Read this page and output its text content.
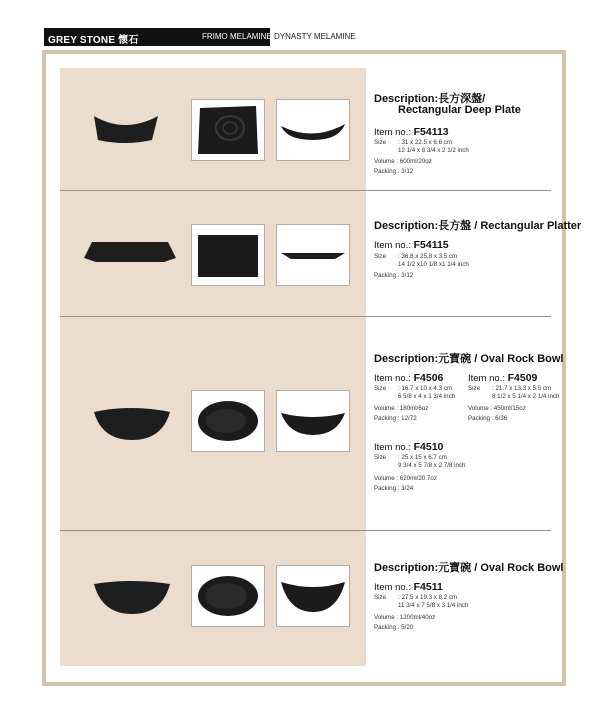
GREY STONE 懷石	FRIMO MELAMINE DYNASTY MELAMINE
Description:長方深盤/
Rectangular Deep Plate
Item no.: F54113
Size : 31 x 22.5 x 6.6 cm
12 1/4 x 8 3/4 x 2 1/2 inch
Volume : 600ml/20oz
Packing : 3/12
Description:長方盤 / Rectangular Platter
Item no.: F54115
Size : 36.8 x 25.8 x 3.5 cm
14 1/2 x10 1/8 x1 1/4 inch
Packing : 3/12
Description:元寶碗 / Oval Rock Bowl
Item no.: F4506
Size : 16.7 x 10 x 4.3 cm
6 5/8 x 4 x 1 3/4 inch
Volume : 180ml/6oz
Packing : 12/72
Item no.: F4509
Size : 21.7 x 13.3 x 5.5 cm
8 1/2 x 5 1/4 x 2 1/4 inch
Volume : 450ml/15oz
Packing : 6/36
Item no.: F4510
Size : 25 x 15 x 6.7 cm
9 3/4 x 5 7/8 x 2 7/8 inch
Volume : 620ml/20.7oz
Packing : 3/24
Description:元寶碗 / Oval Rock Bowl
Item no.: F4511
Size : 27.5 x 19.3 x 8.2 cm
11 3/4 x 7 5/8 x 3 1/4 inch
Volume : 1200ml/40oz
Packing : 5/20
